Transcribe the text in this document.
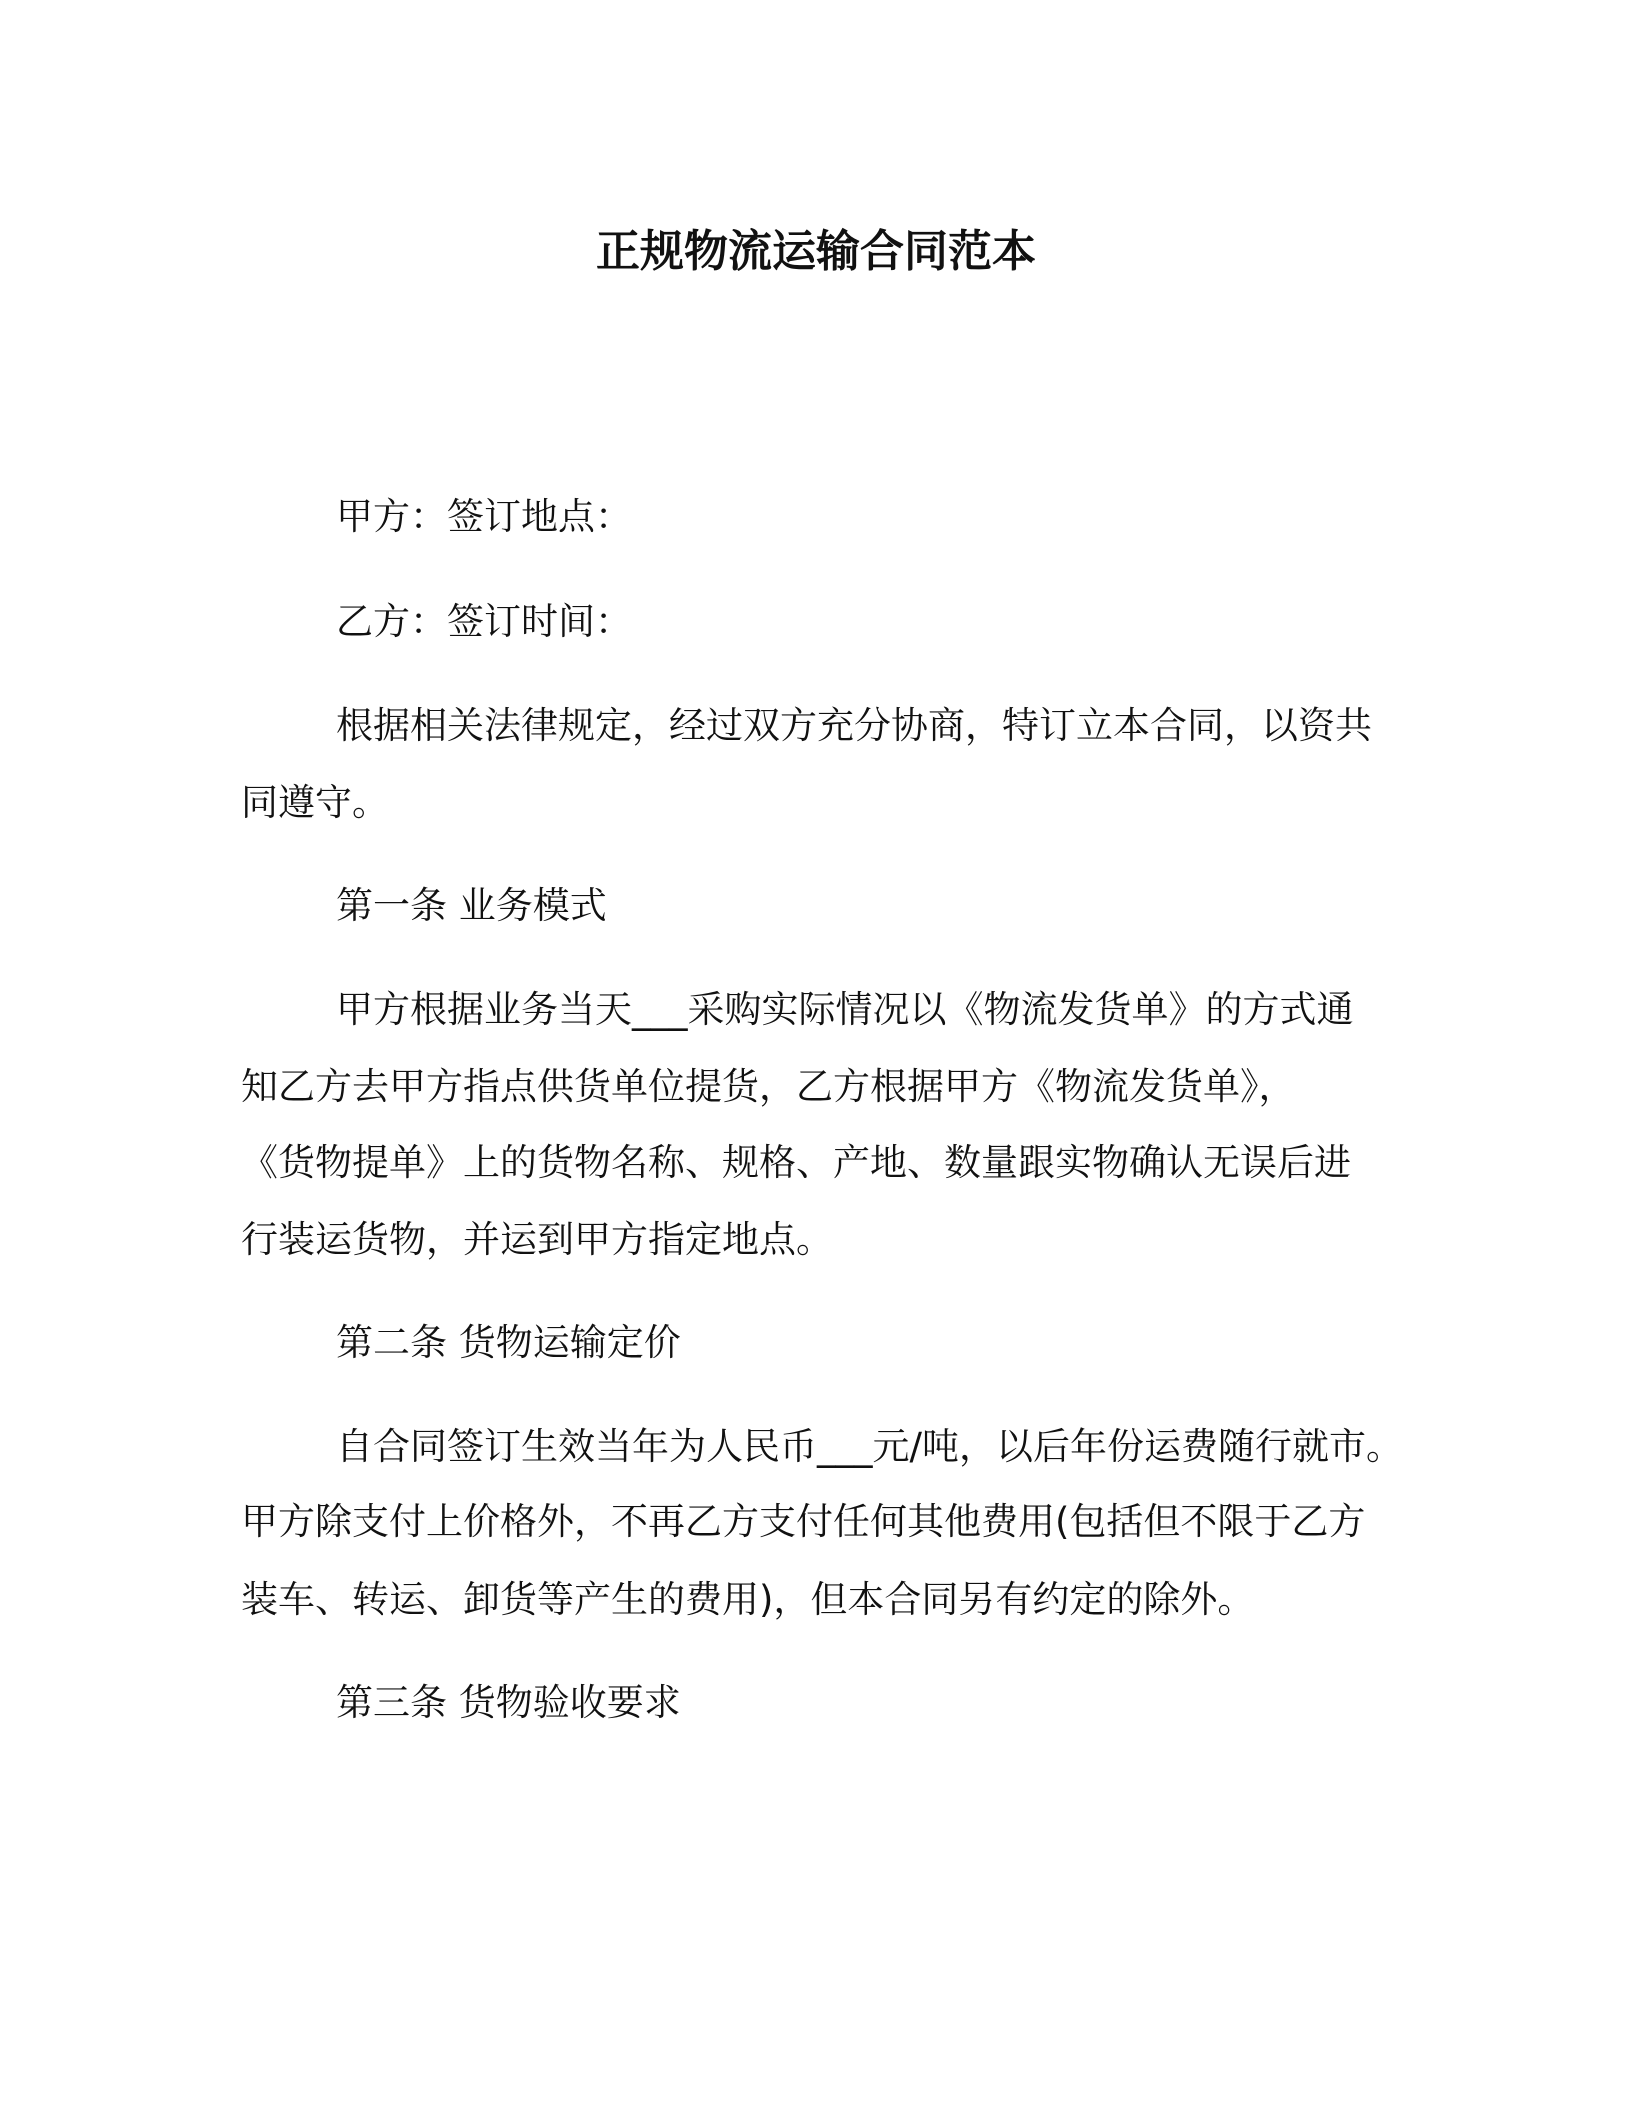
正规物流运输合同范本

甲方：签订地点：

乙方：签订时间：

根据相关法律规定，经过双方充分协商，特订立本合同，以资共

同遵守。

第一条 业务模式

甲方根据业务当天___采购实际情况以《物流发货单》的方式通

知乙方去甲方指点供货单位提货，乙方根据甲方《物流发货单》，

《货物提单》上的货物名称、规格、产地、数量跟实物确认无误后进

行装运货物，并运到甲方指定地点。

第二条 货物运输定价

自合同签订生效当年为人民币___元/吨，以后年份运费随行就市。

甲方除支付上价格外，不再乙方支付任何其他费用(包括但不限于乙方

装车、转运、卸货等产生的费用)，但本合同另有约定的除外。

第三条 货物验收要求
